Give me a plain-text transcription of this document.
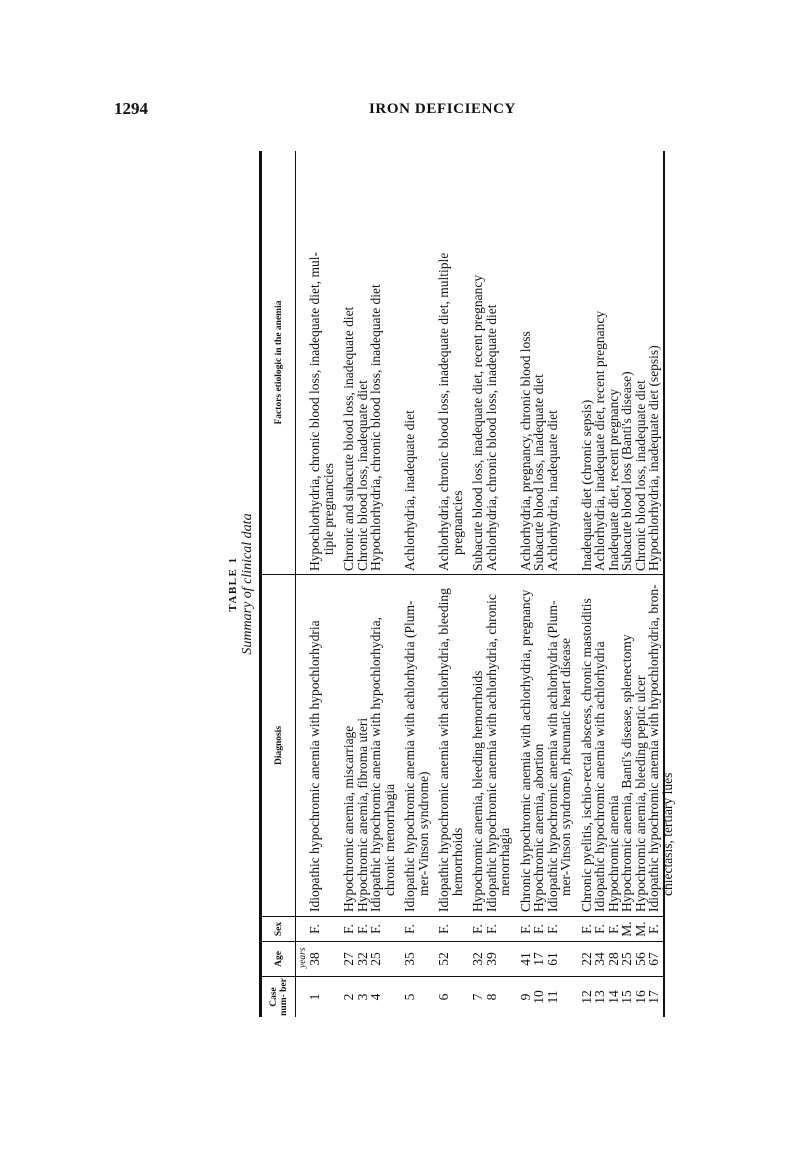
1294	IRON DEFICIENCY
TABLE 1 Summary of clinical data
Case num- ber
Age
Sex
Diagnosis
Factors etiologic in the anemia
years
1
38
F.
Idiopathic hypochromic anemia with hypochlorhydria
Hypochlorhydria, chronic blood loss, inadequate diet, mul-
tiple pregnancies
2
27
F.
Hypochromic anemia, miscarriage
Chronic and subacute blood loss, inadequate diet
3
32
F.
Hypochromic anemia, fibroma uteri
Chronic blood loss, inadequate diet
4
25
F.
Idiopathic hypochromic anemia with hypochlorhydria,
chronic menorrhagia
Hypochlorhydria, chronic blood loss, inadequate diet
5
35
F.
Idiopathic hypochromic anemia with achlorhydria (Plum-
mer-Vinson syndrome)
Achlorhydria, inadequate diet
6
52
F.
Idiopathic hypochromic anemia with achlorhydria, bleeding
hemorrhoids
Achlorhydria, chronic blood loss, inadequate diet, multiple
pregnancies
7
32
F.
Hypochromic anemia, bleeding hemorrhoids
Subacute blood loss, inadequate diet, recent pregnancy
8
39
F.
Idiopathic hypochromic anemia with achlorhydria, chronic
menorrhagia
Achlorhydria, chronic blood loss, inadequate diet
9
41
F.
Chronic hypochromic anemia with achlorhydria, pregnancy
Achlorhydria, pregnancy, chronic blood loss
10
17
F.
Hypochromic anemia, abortion
Subacute blood loss, inadequate diet
11
61
F.
Idiopathic hypochromic anemia with achlorhydria (Plum-
mer-Vinson syndrome), rheumatic heart disease
Achlorhydria, inadequate diet
12
22
F.
Chronic pyelitis, ischio-rectal abscess, chronic mastoiditis
Inadequate diet (chronic sepsis)
13
34
F.
Idiopathic hypochromic anemia with achlorhydria
Achlorhydria, inadequate diet, recent pregnancy
14
28
F.
Hypochromic anemia
Inadequate diet, recent pregnancy
15
25
M.
Hypochromic anemia, Banti's disease, splenectomy
Subacute blood loss (Banti's disease)
16
56
M.
Hypochromic anemia, bleeding peptic ulcer
Chronic blood loss, inadequate diet
17
67
F.
Idiopathic hypochromic anemia with hypochlorhydria, bron-
chiectasis, tertiary lues
Hypochlorhydria, inadequate diet (sepsis)
